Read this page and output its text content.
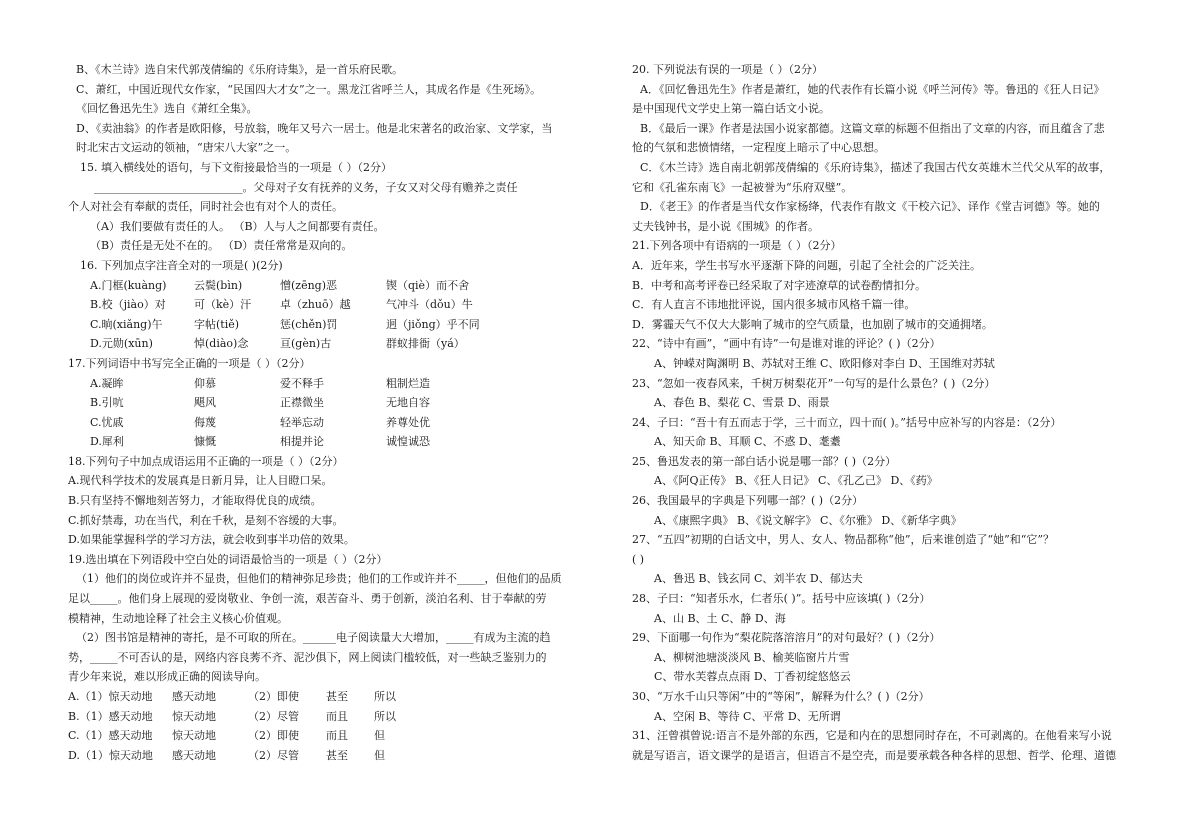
B、《木兰诗》选自宋代郭茂倩编的《乐府诗集》，是一首乐府民歌。
C、萧红，中国近现代女作家，“民国四大才女”之一。黑龙江省呼兰人，其成名作是《生死场》。
《回忆鲁迅先生》选自《萧红全集》。
D、《卖油翁》的作者是欧阳修，号放翁，晚年又号六一居士。他是北宋著名的政治家、文学家，当
时北宋古文运动的领袖，“唐宋八大家”之一。
15. 填入横线处的语句，与下文衔接最恰当的一项是（ ）（2分）
___________________________。父母对子女有抚养的义务，子女又对父母有赡养之责任
个人对社会有奉献的责任，同时社会也有对个人的责任。
（A）我们要做有责任的人。 （B）人与人之间都要有责任。
（B）责任是无处不在的。 （D）责任常常是双向的。
16. 下列加点字注音全对的一项是( )(2分)
A.门框(kuàng)	云鬓(bìn)	憎(zēng)恶	锲（qiè）而不舍
B.校（jiào）对	可（kè）汗	卓（zhuō）越	气冲斗（dǒu）牛
C.晌(xiǎng)午	字帖(tiě)	惩(chěn)罚	迥（jiǒng）乎不同
D.元勋(xūn)	悼(diào)念	亘(gèn)古	群蚁排衙（yá）
17.下列词语中书写完全正确的一项是（ ）（2分）
A.凝眸	仰慕	爱不释手	粗制烂造
B.引吭	飓风	正襟微坐	无地自容
C.忧戚	侮蔑	轻举忘动	养尊处优
D.犀利	慷慨	相提并论	诚惶诚恐
18.下列句子中加点成语运用不正确的一项是（ ）（2分）
A.现代科学技术的发展真是日新月异，让人目瞪口呆。
B.只有坚持不懈地刻苦努力，才能取得优良的成绩。
C.抓好禁毒，功在当代，利在千秋，是刻不容缓的大事。
D.如果能掌握科学的学习方法，就会收到事半功倍的效果。
19.选出填在下列语段中空白处的词语最恰当的一项是（ ）（2分）
（1）他们的岗位或许并不显贵，但他们的精神弥足珍贵；他们的工作或许并不_____，但他们的品质
足以_____。他们身上展现的爱岗敬业、争创一流，艰苦奋斗、勇于创新，淡泊名利、甘于奉献的劳
模精神，生动地诠释了社会主义核心价值观。
（2）图书馆是精神的寄托，是不可取的所在。______电子阅读量大大增加，_____有成为主流的趋
势，_____不可否认的是，网络内容良莠不齐、泥沙俱下，网上阅读门槛较低，对一些缺乏鉴别力的
青少年来说，难以形成正确的阅读导向。
A.（1）惊天动地	感天动地	（2）即使	甚至	所以
B.（1）感天动地	惊天动地	（2）尽管	而且	所以
C.（1）感天动地	惊天动地	（2）即使	而且	但
D.（1）惊天动地	感天动地	（2）尽管	甚至	但
20. 下列说法有误的一项是（ ）（2分）
A．《回忆鲁迅先生》作者是萧红，她的代表作有长篇小说《呼兰河传》等。鲁迅的《狂人日记》
是中国现代文学史上第一篇白话文小说。
B．《最后一课》作者是法国小说家都德。这篇文章的标题不但指出了文章的内容，而且蕴含了悲
怆的气氛和悲愤情绪，一定程度上暗示了中心思想。
C．《木兰诗》选自南北朝郭茂倩编的《乐府诗集》，描述了我国古代女英雄木兰代父从军的故事，
它和《孔雀东南飞》一起被誉为“乐府双璧”。
D．《老王》的作者是当代女作家杨绛，代表作有散文《干校六记》、译作《堂吉诃德》等。她的
丈夫钱钟书，是小说《围城》的作者。
21.下列各项中有语病的一项是（ ）（2分）
A．近年来，学生书写水平逐渐下降的问题，引起了全社会的广泛关注。
B．中考和高考评卷已经采取了对字迹潦草的试卷酌情扣分。
C．有人直言不讳地批评说，国内很多城市风格千篇一律。
D．雾霾天气不仅大大影响了城市的空气质量，也加剧了城市的交通拥堵。
22、“诗中有画”，“画中有诗”一句是谁对谁的评论？( )（2分）
A、钟嵘对陶渊明 B、苏轼对王维 C、欧阳修对李白 D、王国维对苏轼
23、“忽如一夜春风来，千树万树梨花开”一句写的是什么景色？( )（2分）
A、春色 B、梨花 C、雪景 D、雨景
24、子曰：“吾十有五而志于学，三十而立，四十而( )。”括号中应补写的内容是：（2分）
A、知天命 B、耳顺 C、不惑 D、耄耋
25、鲁迅发表的第一部白话小说是哪一部？( )（2分）
A、《阿Q正传》 B、《狂人日记》 C、《孔乙己》 D、《药》
26、我国最早的字典是下列哪一部？( )（2分）
A、《康熙字典》 B、《说文解字》 C、《尔雅》 D、《新华字典》
27、“五四”初期的白话文中，男人、女人、物品都称“他”，后来谁创造了“她”和“它”？
( )
A、鲁迅 B、钱玄同 C、刘半农 D、郁达夫
28、子曰：“知者乐水，仁者乐( )”。括号中应该填( )（2分）
A、山 B、土 C、静 D、海
29、下面哪一句作为“梨花院落溶溶月”的对句最好？( )（2分）
A、柳树池塘淡淡风 B、榆荚临窗片片雪
C、带水芙蓉点点雨 D、丁香初绽悠悠云
30、“万水千山只等闲”中的“等闲”，解释为什么？( )（2分）
A、空闲 B、等待 C、平常 D、无所谓
31、汪曾祺曾说:语言不是外部的东西，它是和内在的思想同时存在，不可剥离的。在他看来写小说
就是写语言，语文课学的是语言，但语言不是空壳，而是要承载各种各样的思想、哲学、伦理、道德
